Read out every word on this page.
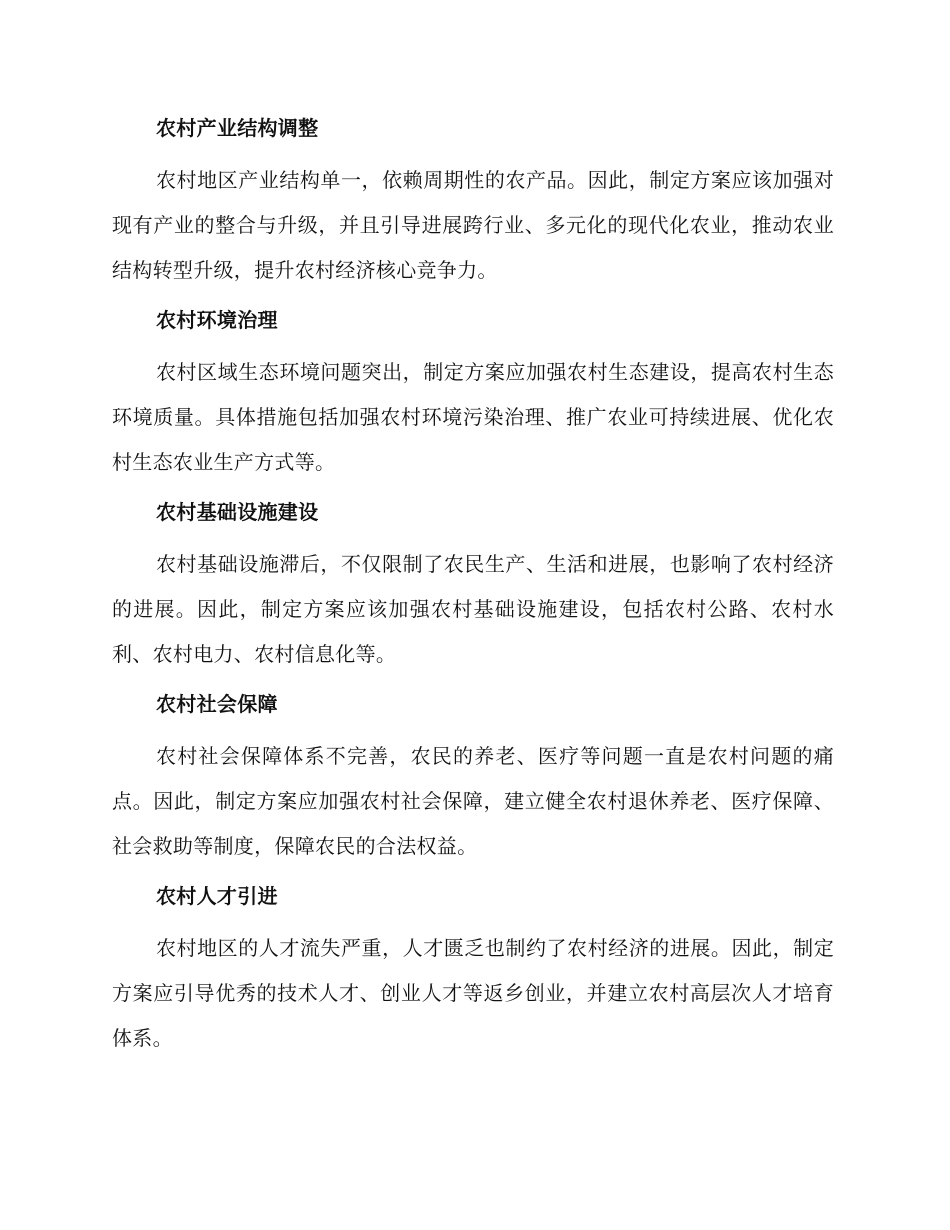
农村产业结构调整

农村地区产业结构单一，依赖周期性的农产品。因此，制定方案应该加强对现有产业的整合与升级，并且引导进展跨行业、多元化的现代化农业，推动农业结构转型升级，提升农村经济核心竞争力。

农村环境治理

农村区域生态环境问题突出，制定方案应加强农村生态建设，提高农村生态环境质量。具体措施包括加强农村环境污染治理、推广农业可持续进展、优化农村生态农业生产方式等。

农村基础设施建设

农村基础设施滞后，不仅限制了农民生产、生活和进展，也影响了农村经济的进展。因此，制定方案应该加强农村基础设施建设，包括农村公路、农村水利、农村电力、农村信息化等。

农村社会保障

农村社会保障体系不完善，农民的养老、医疗等问题一直是农村问题的痛点。因此，制定方案应加强农村社会保障，建立健全农村退休养老、医疗保障、社会救助等制度，保障农民的合法权益。

农村人才引进

农村地区的人才流失严重，人才匮乏也制约了农村经济的进展。因此，制定方案应引导优秀的技术人才、创业人才等返乡创业，并建立农村高层次人才培育体系。
